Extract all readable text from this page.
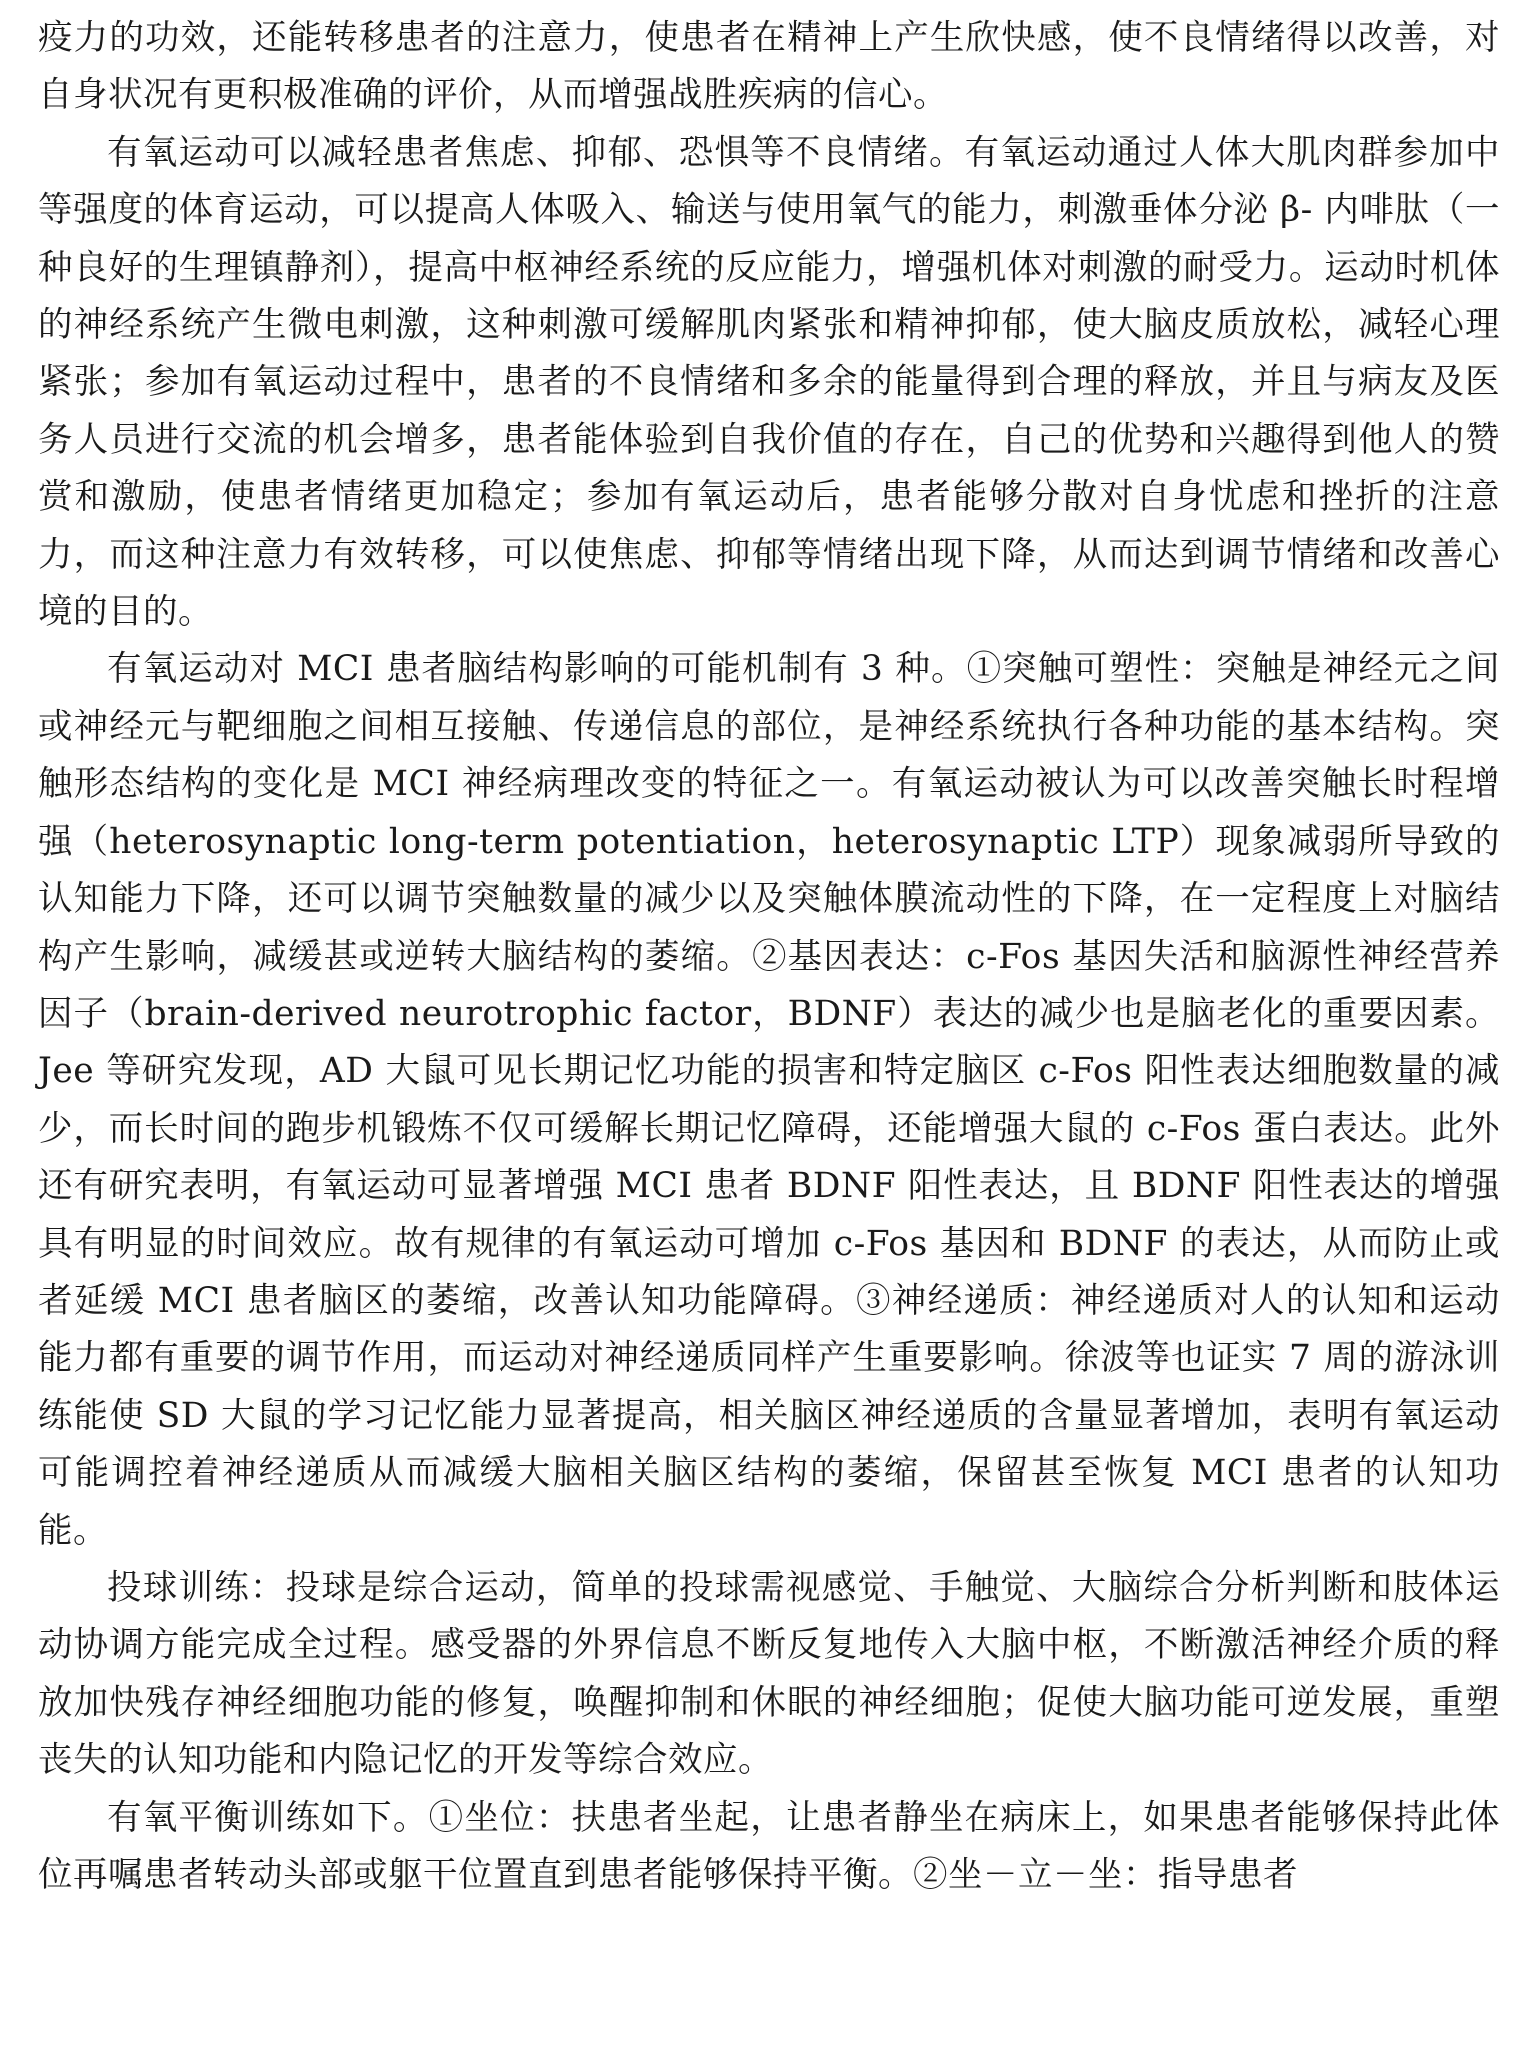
疫力的功效，还能转移患者的注意力，使患者在精神上产生欣快感，使不良情绪得以改善，对自身状况有更积极准确的评价，从而增强战胜疾病的信心。

有氧运动可以减轻患者焦虑、抑郁、恐惧等不良情绪。有氧运动通过人体大肌肉群参加中等强度的体育运动，可以提高人体吸入、输送与使用氧气的能力，刺激垂体分泌 β- 内啡肽（一种良好的生理镇静剂），提高中枢神经系统的反应能力，增强机体对刺激的耐受力。运动时机体的神经系统产生微电刺激，这种刺激可缓解肌肉紧张和精神抑郁，使大脑皮质放松，减轻心理紧张；参加有氧运动过程中，患者的不良情绪和多余的能量得到合理的释放，并且与病友及医务人员进行交流的机会增多，患者能体验到自我价值的存在，自己的优势和兴趣得到他人的赞赏和激励，使患者情绪更加稳定；参加有氧运动后，患者能够分散对自身忧虑和挫折的注意力，而这种注意力有效转移，可以使焦虑、抑郁等情绪出现下降，从而达到调节情绪和改善心境的目的。

有氧运动对 MCI 患者脑结构影响的可能机制有 3 种。①突触可塑性：突触是神经元之间或神经元与靶细胞之间相互接触、传递信息的部位，是神经系统执行各种功能的基本结构。突触形态结构的变化是 MCI 神经病理改变的特征之一。有氧运动被认为可以改善突触长时程增强（heterosynaptic long-term potentiation，heterosynaptic LTP）现象减弱所导致的认知能力下降，还可以调节突触数量的减少以及突触体膜流动性的下降，在一定程度上对脑结构产生影响，减缓甚或逆转大脑结构的萎缩。②基因表达：c-Fos 基因失活和脑源性神经营养因子（brain-derived neurotrophic factor，BDNF）表达的减少也是脑老化的重要因素。Jee 等研究发现，AD 大鼠可见长期记忆功能的损害和特定脑区 c-Fos 阳性表达细胞数量的减少，而长时间的跑步机锻炼不仅可缓解长期记忆障碍，还能增强大鼠的 c-Fos 蛋白表达。此外还有研究表明，有氧运动可显著增强 MCI 患者 BDNF 阳性表达，且 BDNF 阳性表达的增强具有明显的时间效应。故有规律的有氧运动可增加 c-Fos 基因和 BDNF 的表达，从而防止或者延缓 MCI 患者脑区的萎缩，改善认知功能障碍。③神经递质：神经递质对人的认知和运动能力都有重要的调节作用，而运动对神经递质同样产生重要影响。徐波等也证实 7 周的游泳训练能使 SD 大鼠的学习记忆能力显著提高，相关脑区神经递质的含量显著增加，表明有氧运动可能调控着神经递质从而减缓大脑相关脑区结构的萎缩，保留甚至恢复 MCI 患者的认知功能。

投球训练：投球是综合运动，简单的投球需视感觉、手触觉、大脑综合分析判断和肢体运动协调方能完成全过程。感受器的外界信息不断反复地传入大脑中枢，不断激活神经介质的释放加快残存神经细胞功能的修复，唤醒抑制和休眠的神经细胞；促使大脑功能可逆发展，重塑丧失的认知功能和内隐记忆的开发等综合效应。

有氧平衡训练如下。①坐位：扶患者坐起，让患者静坐在病床上，如果患者能够保持此体位再嘱患者转动头部或躯干位置直到患者能够保持平衡。②坐－立－坐：指导患者
